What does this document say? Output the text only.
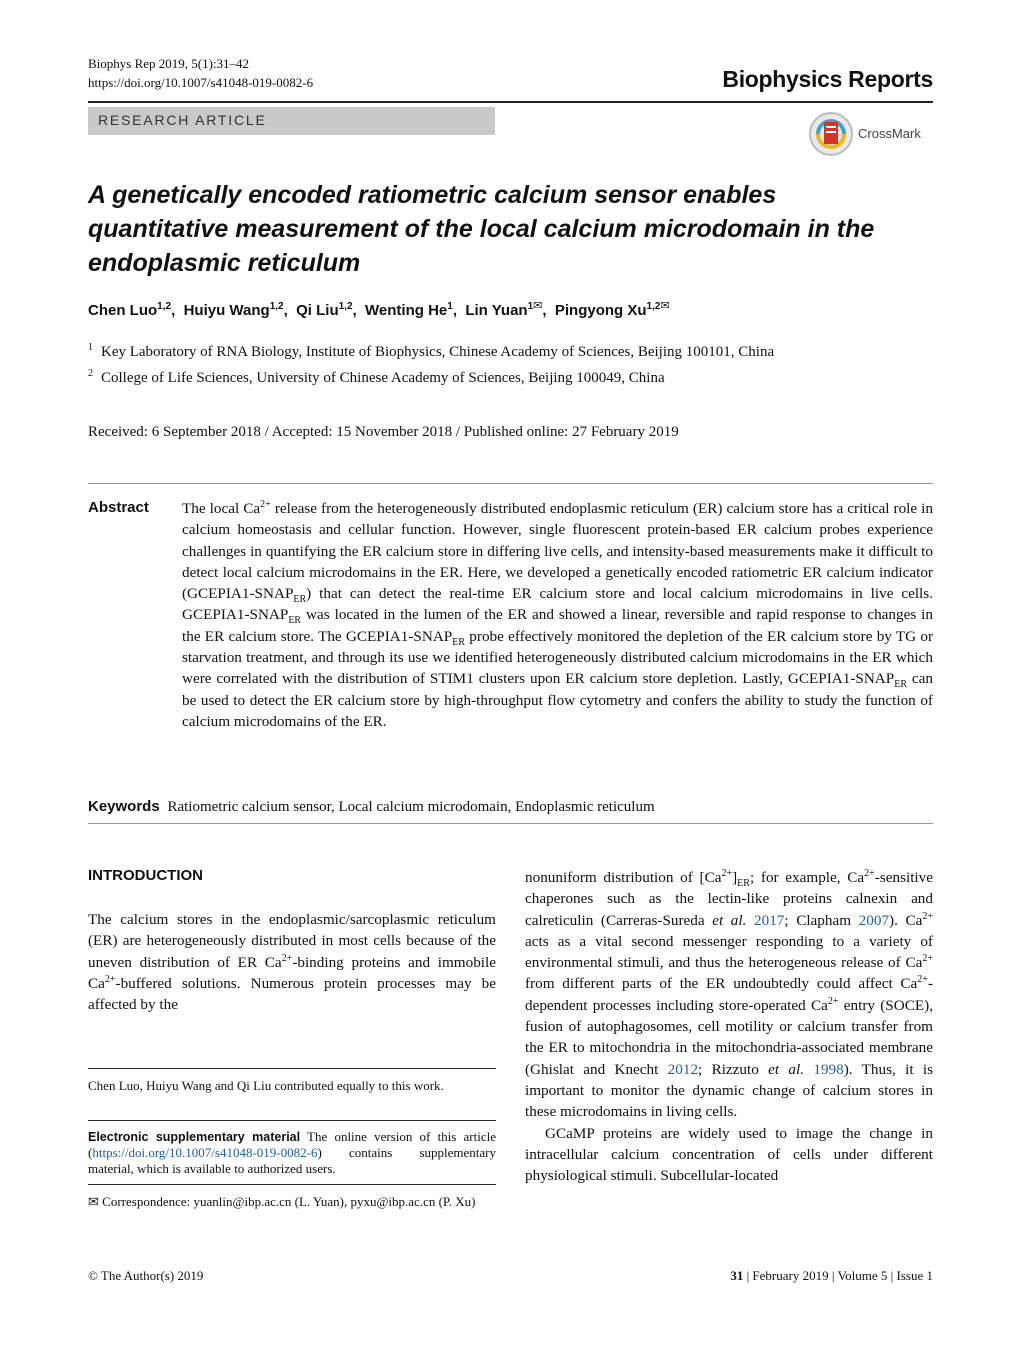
Biophys Rep 2019, 5(1):31–42
https://doi.org/10.1007/s41048-019-0082-6	Biophysics Reports
RESEARCH ARTICLE
CrossMark
A genetically encoded ratiometric calcium sensor enables quantitative measurement of the local calcium microdomain in the endoplasmic reticulum
Chen Luo$^{1,2}$,  Huiyu Wang$^{1,2}$,  Qi Liu$^{1,2}$,  Wenting He$^1$,  Lin Yuan$^{1✉}$,  Pingyong $Xu^{1,2✉}$
$^1$ Key Laboratory of RNA Biology, Institute of Biophysics, Chinese Academy of Sciences, Beijing 100101, China
$^2$ College of Life Sciences, University of Chinese Academy of Sciences, Beijing 100049, China
Received: 6 September 2018 / Accepted: 15 November 2018 / Published online: 27 February 2019
Abstract The local $Ca^{2+}$ release from the heterogeneously distributed endoplasmic reticulum (ER) calcium store has a critical role in calcium homeostasis and cellular function. However, single fluorescent protein-based ER calcium probes experience challenges in quantifying the ER calcium store in differing live cells, and intensity-based measurements make it difficult to detect local calcium microdomains in the ER. Here, we developed a genetically encoded ratiometric ER calcium indicator $(GCEPIA1-SNAP_{ER})$ that can detect the real-time ER calcium store and local calcium microdomains in live cells. $GCEPIA1-SNAP_{ER}$ was located in the lumen of the ER and showed a linear, reversible and rapid response to changes in the ER calcium store. The $GCEPIA1-SNAP_{ER}$ probe effectively monitored the depletion of the ER calcium store by TG or starvation treatment, and through its use we identified heterogeneously distributed calcium microdomains in the ER which were correlated with the distribution of STIM1 clusters upon ER calcium store depletion. Lastly, $GCEPIA1-SNAP_{ER}$ can be used to detect the ER calcium store by high-throughput flow cytometry and confers the ability to study the function of calcium microdomains of the ER.
Keywords Ratiometric calcium sensor, Local calcium microdomain, Endoplasmic reticulum
INTRODUCTION
The calcium stores in the endoplasmic/sarcoplasmic reticulum (ER) are heterogeneously distributed in most cells because of the uneven distribution of ER $Ca^{2+}$-binding proteins and immobile $Ca^{2+}$-buffered solutions. Numerous protein processes may be affected by the
Chen Luo, Huiyu Wang and Qi Liu contributed equally to this work.
Electronic supplementary material The online version of this article (https://doi.org/10.1007/s41048-019-0082-6) contains supplementary material, which is available to authorized users.
✉ Correspondence: yuanlin@ibp.ac.cn (L. Yuan), pyxu@ibp.ac.cn (P. Xu)
nonuniform distribution of $[Ca^{2+}]_{ER}$; for example, $Ca^{2+}$-sensitive chaperones such as the lectin-like proteins calnexin and calreticulin (Carreras-Sureda et al. 2017; Clapham 2007). $Ca^{2+}$ acts as a vital second messenger responding to a variety of environmental stimuli, and thus the heterogeneous release of $Ca^{2+}$ from different parts of the ER undoubtedly could affect $Ca^{2+}$-dependent processes including store-operated $Ca^{2+}$ entry (SOCE), fusion of autophagosomes, cell motility or calcium transfer from the ER to mitochondria in the mitochondria-associated membrane (Ghislat and Knecht 2012; Rizzuto et al. 1998). Thus, it is important to monitor the dynamic change of calcium stores in these microdomains in living cells.
GCaMP proteins are widely used to image the change in intracellular calcium concentration of cells under different physiological stimuli. Subcellular-located
© The Author(s) 2019	31 | February 2019 | Volume 5 | Issue 1
